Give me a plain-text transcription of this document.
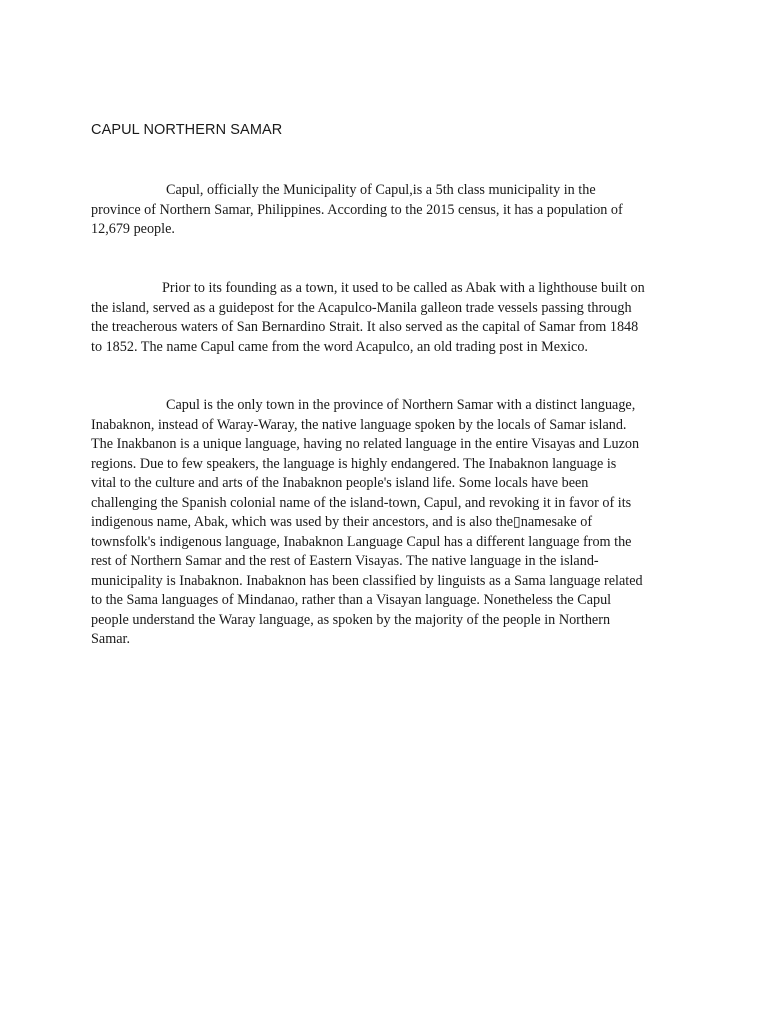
CAPUL NORTHERN SAMAR
Capul, officially the Municipality of Capul,is a 5th class municipality in the
province of Northern Samar, Philippines. According to the 2015 census, it has a population of
12,679 people.
Prior to its founding as a town, it used to be called as Abak with a lighthouse built on
the island, served as a guidepost for the Acapulco-Manila galleon trade vessels passing through
the treacherous waters of San Bernardino Strait. It also served as the capital of Samar from 1848
to 1852. The name Capul came from the word Acapulco, an old trading post in Mexico.
Capul is the only town in the province of Northern Samar with a distinct language,
Inabaknon, instead of Waray-Waray, the native language spoken by the locals of Samar island.
The Inakbanon is a unique language, having no related language in the entire Visayas and Luzon
regions. Due to few speakers, the language is highly endangered. The Inabaknon language is
vital to the culture and arts of the Inabaknon people's island life. Some locals have been
challenging the Spanish colonial name of the island-town, Capul, and revoking it in favor of its
indigenous name, Abak, which was used by their ancestors, and is also the▯namesake of
townsfolk's indigenous language, Inabaknon Language Capul has a different language from the
rest of Northern Samar and the rest of Eastern Visayas. The native language in the island-
municipality is Inabaknon. Inabaknon has been classified by linguists as a Sama language related
to the Sama languages of Mindanao, rather than a Visayan language. Nonetheless the Capul
people understand the Waray language, as spoken by the majority of the people in Northern
Samar.
